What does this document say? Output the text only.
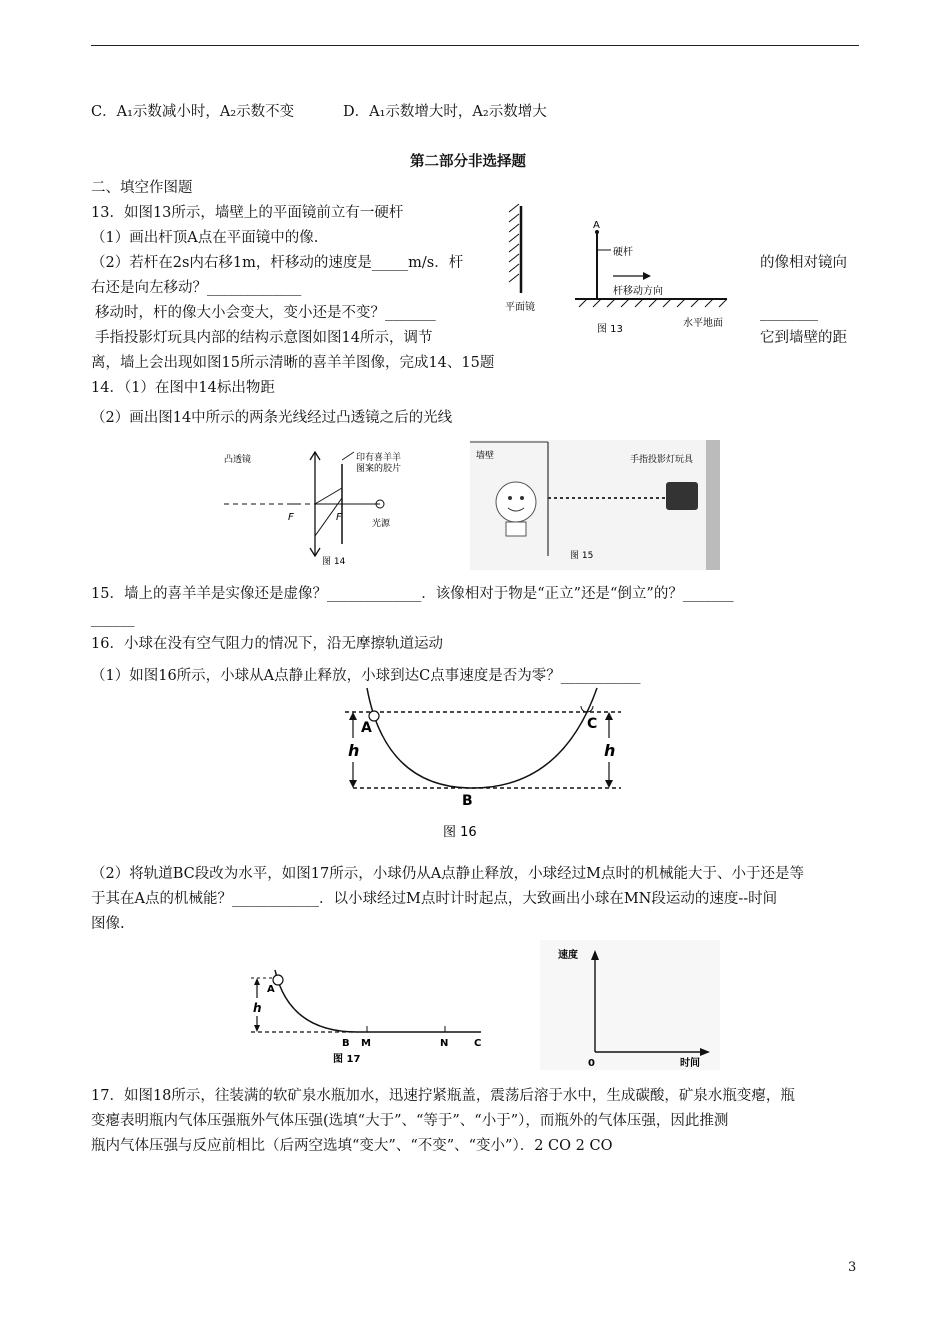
C．A₁示数减小时，A₂示数不变	D．A₁示数增大时，A₂示数增大
第二部分非选择题
二、填空作图题
13．如图13所示，墙壁上的平面镜前立有一硬杆
（1）画出杆顶A点在平面镜中的像.
（2）若杆在2s内右移1m，杆移动的速度是_____m/s．杆	的像相对镜向
右还是向左移动？_____________
移动时，杆的像大小会变大，变小还是不变？_______	________
手指投影灯玩具内部的结构示意图如图14所示，调节	它到墙壁的距
离，墙上会出现如图15所示清晰的喜羊羊图像，完成14、15题
A
硬杆
杆移动方向
平面镜
图 13
水平地面
14．（1）在图中14标出物距
（2）画出图14中所示的两条光线经过凸透镜之后的光线
凸透镜	印有喜羊羊
图案的胶片
F	F
光源
图 14
墙壁	手指投影灯玩具
图 15
15．墙上的喜羊羊是实像还是虚像？_____________．该像相对于物是“正立”还是“倒立”的？_______
______
16．小球在没有空气阻力的情况下，沿无摩擦轨道运动
（1）如图16所示，小球从A点静止释放，小球到达C点事速度是否为零？___________
h	h
A	C
B
图 16
（2）将轨道BC段改为水平，如图17所示，小球仍从A点静止释放，小球经过M点时的机械能大于、小于还是等
于其在A点的机械能？____________．以小球经过M点时计时起点，大致画出小球在MN段运动的速度--时间
图像.
A
h
B M	N	C
图 17
速度
0	时间
17．如图18所示，往装满的软矿泉水瓶加水，迅速拧紧瓶盖，震荡后溶于水中，生成碳酸，矿泉水瓶变瘪，瓶
变瘪表明瓶内气体压强瓶外气体压强(选填“大于”、“等于”、“小于”），而瓶外的气体压强，因此推测
瓶内气体压强与反应前相比（后两空选填“变大”、“不变”、“变小”）．2 CO 2 CO
3
